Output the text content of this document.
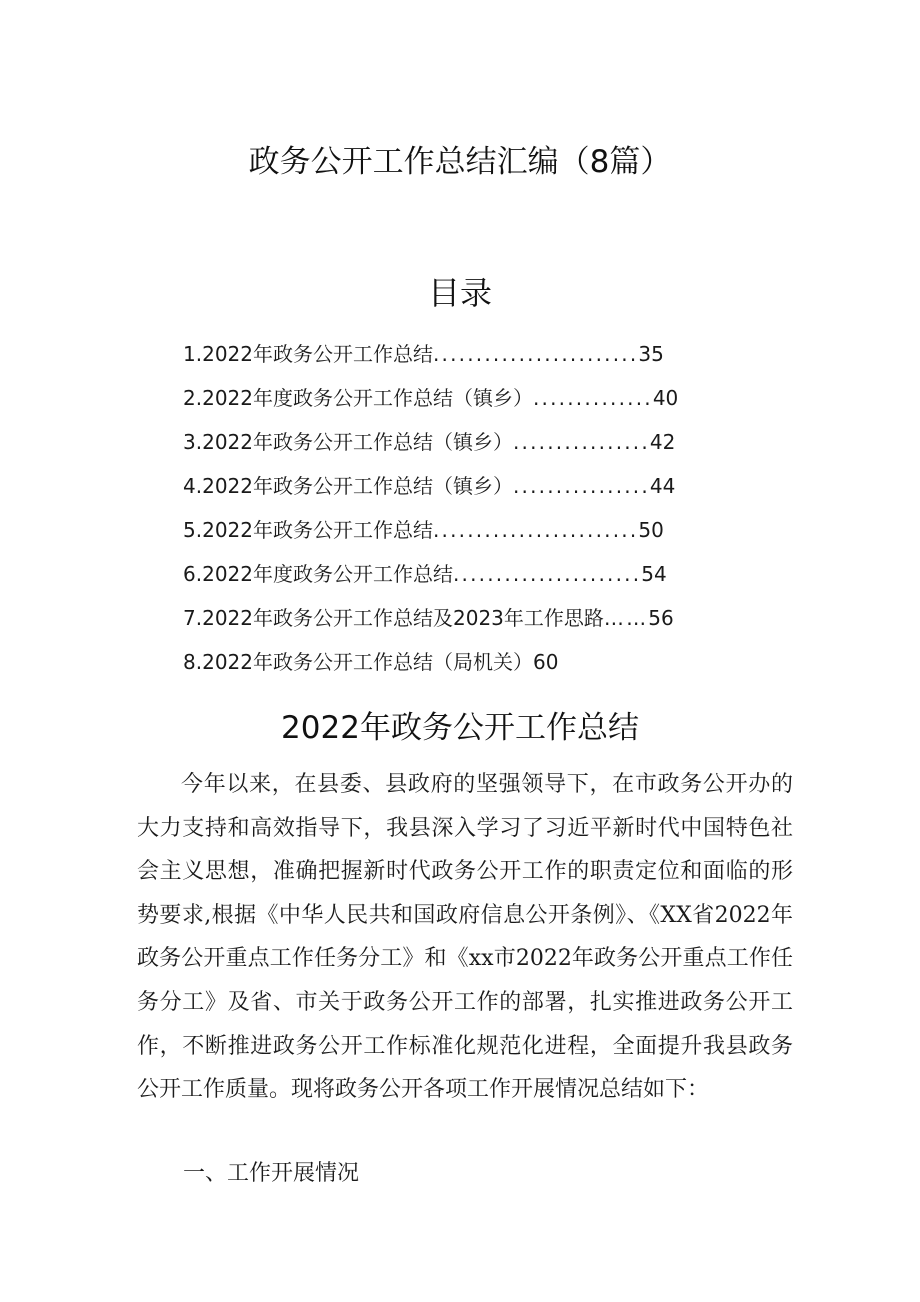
政务公开工作总结汇编（8篇）
目录
1.2022年政务公开工作总结........................35
2.2022年度政务公开工作总结（镇乡）..............40
3.2022年政务公开工作总结（镇乡）................42
4.2022年政务公开工作总结（镇乡）................44
5.2022年政务公开工作总结........................50
6.2022年度政务公开工作总结......................54
7.2022年政务公开工作总结及2023年工作思路……56
8.2022年政务公开工作总结（局机关）60
2022年政务公开工作总结

今年以来，在县委、县政府的坚强领导下，在市政务公开办的大力支持和高效指导下，我县深入学习了习近平新时代中国特色社会主义思想，准确把握新时代政务公开工作的职责定位和面临的形势要求,根据《中华人民共和国政府信息公开条例》、《XX省2022年政务公开重点工作任务分工》和《xx市2022年政务公开重点工作任务分工》及省、市关于政务公开工作的部署，扎实推进政务公开工作，不断推进政务公开工作标准化规范化进程，全面提升我县政务公开工作质量。现将政务公开各项工作开展情况总结如下：

一、工作开展情况
